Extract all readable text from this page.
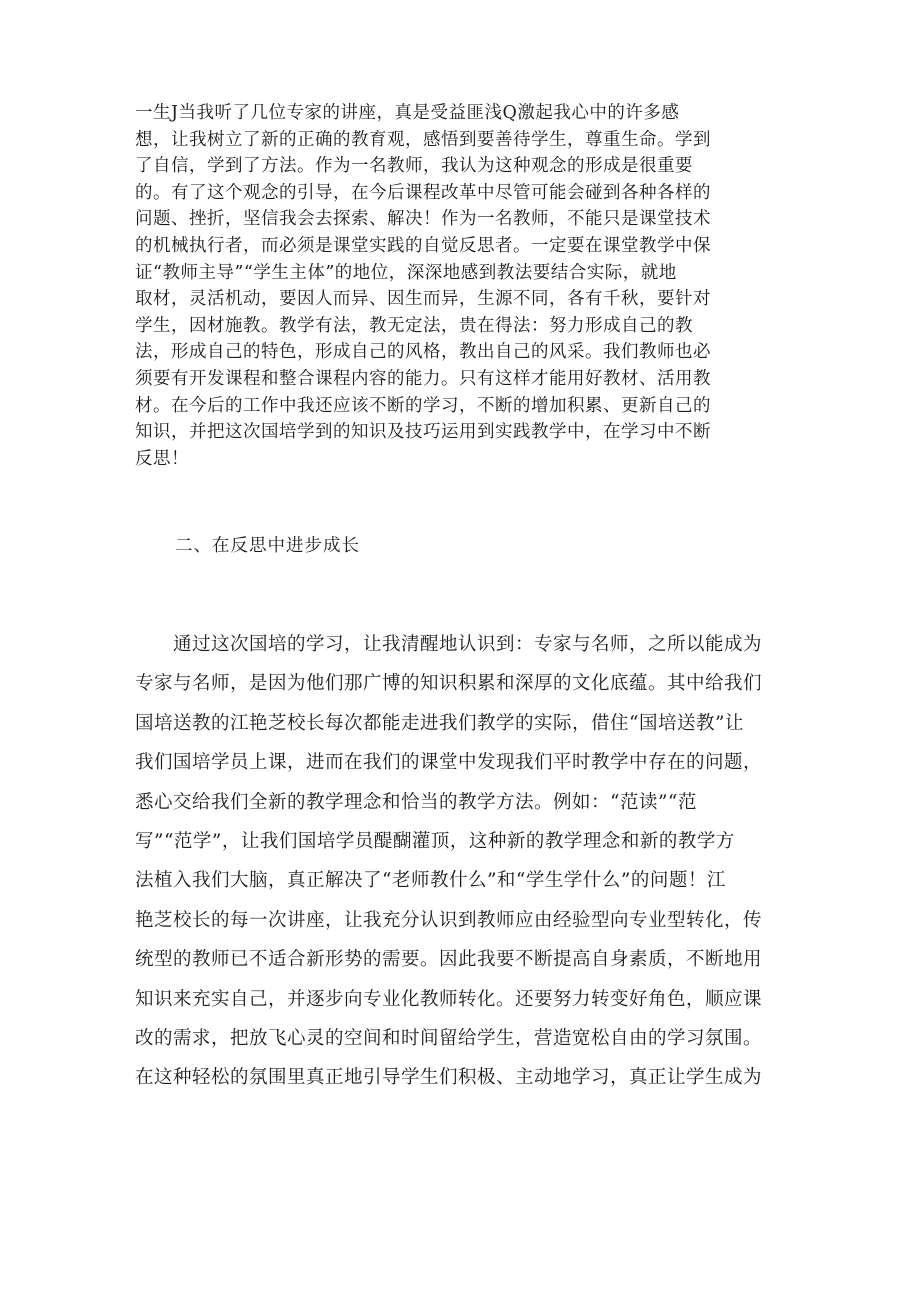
一生J当我听了几位专家的讲座，真是受益匪浅Q激起我心中的许多感
想，让我树立了新的正确的教育观，感悟到要善待学生，尊重生命。学到
了自信，学到了方法。作为一名教师，我认为这种观念的形成是很重要
的。有了这个观念的引导，在今后课程改革中尽管可能会碰到各种各样的
问题、挫折，坚信我会去探索、解决！作为一名教师，不能只是课堂技术
的机械执行者，而必须是课堂实践的自觉反思者。一定要在课堂教学中保
证“教师主导”“学生主体”的地位，深深地感到教法要结合实际，就地
取材，灵活机动，要因人而异、因生而异，生源不同，各有千秋，要针对
学生，因材施教。教学有法，教无定法，贵在得法：努力形成自己的教
法，形成自己的特色，形成自己的风格，教出自己的风采。我们教师也必
须要有开发课程和整合课程内容的能力。只有这样才能用好教材、活用教
材。在今后的工作中我还应该不断的学习，不断的增加积累、更新自己的
知识，并把这次国培学到的知识及技巧运用到实践教学中，在学习中不断
反思！
二、在反思中进步成长
　　通过这次国培的学习，让我清醒地认识到：专家与名师，之所以能成为
专家与名师，是因为他们那广博的知识积累和深厚的文化底蕴。其中给我们
国培送教的江艳芝校长每次都能走进我们教学的实际，借住“国培送教”让
我们国培学员上课，进而在我们的课堂中发现我们平时教学中存在的问题，
悉心交给我们全新的教学理念和恰当的教学方法。例如：“范读”“范
写”“范学”，让我们国培学员醍醐灌顶，这种新的教学理念和新的教学方
法植入我们大脑，真正解决了“老师教什么”和“学生学什么”的问题！江
艳芝校长的每一次讲座，让我充分认识到教师应由经验型向专业型转化，传
统型的教师已不适合新形势的需要。因此我要不断提高自身素质，不断地用
知识来充实自己，并逐步向专业化教师转化。还要努力转变好角色，顺应课
改的需求，把放飞心灵的空间和时间留给学生，营造宽松自由的学习氛围。
在这种轻松的氛围里真正地引导学生们积极、主动地学习，真正让学生成为
